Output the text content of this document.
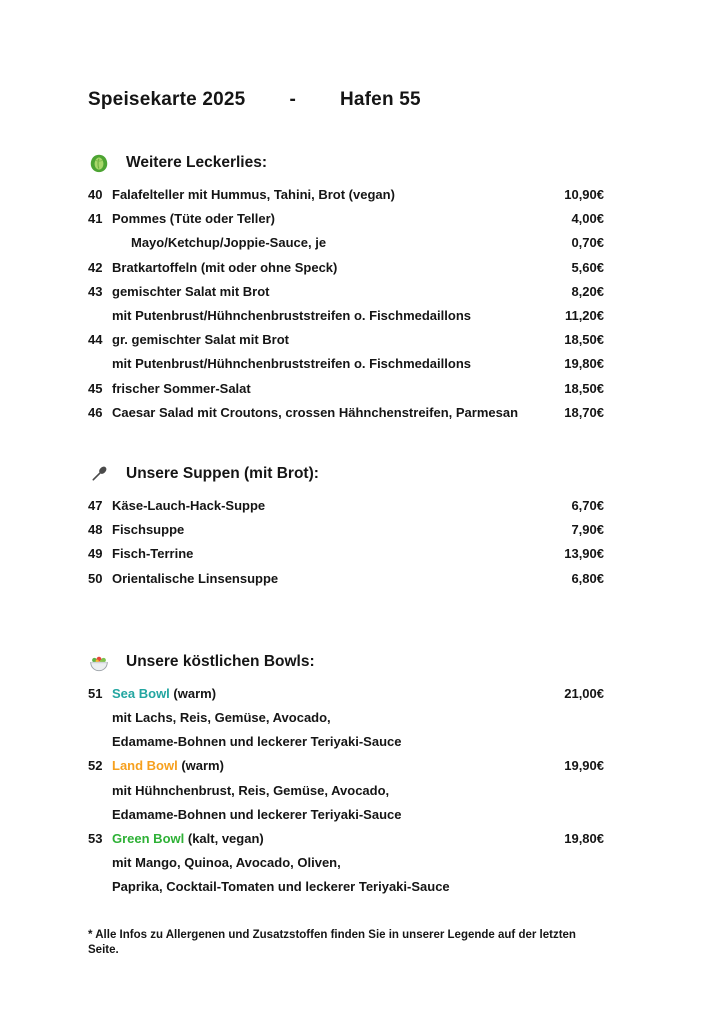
Speisekarte 2025 - Hafen 55
Weitere Leckerlies:
40 Falafelteller mit Hummus, Tahini, Brot (vegan)	10,90€
41 Pommes (Tüte oder Teller)	4,00€
Mayo/Ketchup/Joppie-Sauce, je	0,70€
42 Bratkartoffeln (mit oder ohne Speck)	5,60€
43 gemischter Salat mit Brot	8,20€
mit Putenbrust/Hühnchenbruststreifen o. Fischmedaillons	11,20€
44 gr. gemischter Salat mit Brot	18,50€
mit Putenbrust/Hühnchenbruststreifen o. Fischmedaillons	19,80€
45 frischer Sommer-Salat	18,50€
46 Caesar Salad mit Croutons, crossen Hähnchenstreifen, Parmesan	18,70€
Unsere Suppen (mit Brot):
47 Käse-Lauch-Hack-Suppe	6,70€
48 Fischsuppe	7,90€
49 Fisch-Terrine	13,90€
50 Orientalische Linsensuppe	6,80€
Unsere köstlichen Bowls:
51 Sea Bowl (warm)	21,00€
mit Lachs, Reis, Gemüse, Avocado,
Edamame-Bohnen und leckerer Teriyaki-Sauce
52 Land Bowl (warm)	19,90€
mit Hühnchenbrust, Reis, Gemüse, Avocado,
Edamame-Bohnen und leckerer Teriyaki-Sauce
53 Green Bowl (kalt, vegan)	19,80€
mit Mango, Quinoa, Avocado, Oliven,
Paprika, Cocktail-Tomaten und leckerer Teriyaki-Sauce
* Alle Infos zu Allergenen und Zusatzstoffen finden Sie in unserer Legende auf der letzten Seite.
